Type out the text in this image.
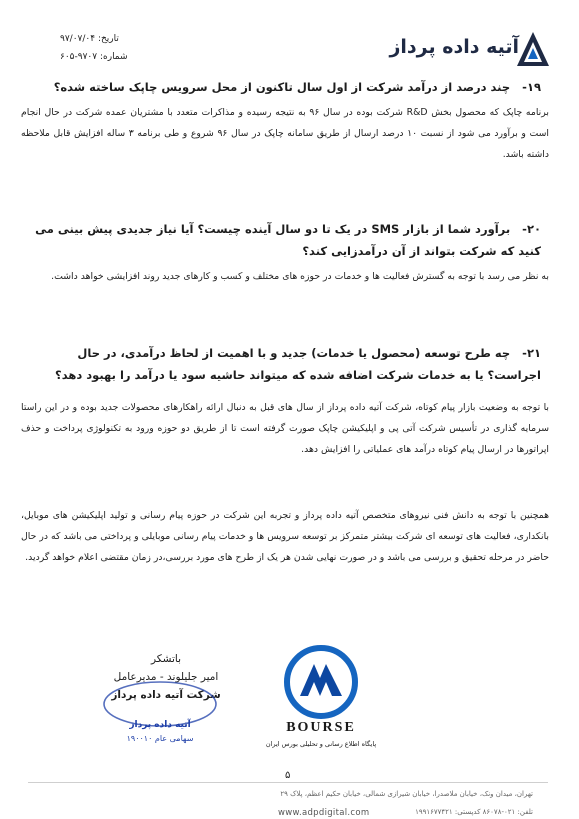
آتیه داده پرداز
تاریخ: ۹۷/۰۷/۰۴
شماره: ۹۷۰۷-۶۰۵
۱۹- چند درصد از درآمد شرکت از اول سال تاکنون از محل سرویس چاپک ساخته شده؟
برنامه چاپک که محصول بخش R&D شرکت بوده در سال ۹۶ به نتیجه رسیده و مذاکرات متعدد با مشتریان عمده شرکت در حال انجام است و برآورد می شود از نسبت ۱۰ درصد ارسال از طریق سامانه چاپک در سال ۹۶ شروع و طی برنامه ۳ ساله افزایش قابل ملاحظه داشته باشد.
۲۰- برآورد شما از بازار SMS در یک تا دو سال آینده چیست؟ آیا نیاز جدیدی پیش بینی می کنید که شرکت بتواند از آن درآمدزایی کند؟
به نظر می رسد با توجه به گسترش فعالیت ها و خدمات در حوزه های مختلف و کسب و کارهای جدید روند افزایشی خواهد داشت.
۲۱- چه طرح توسعه (محصول یا خدمات) جدید و با اهمیت از لحاظ درآمدی، در حال اجراست؟ یا به خدمات شرکت اضافه شده که میتواند حاشیه سود یا درآمد را بهبود دهد؟
با توجه به وضعیت بازار پیام کوتاه، شرکت آتیه داده پرداز از سال های قبل به دنبال ارائه راهکارهای محصولات جدید بوده و در این راستا سرمایه گذاری در تأسیس شرکت آتی پی و اپلیکیشن چاپک صورت گرفته است تا از طریق دو حوزه ورود به تکنولوژی پرداخت و حذف اپراتورها در ارسال پیام کوتاه درآمد های عملیاتی را افزایش دهد.
همچنین با توجه به دانش فنی نیروهای متخصص آتیه داده پرداز و تجربه این شرکت در حوزه پیام رسانی و تولید اپلیکیشن های موبایل، بانکداری، فعالیت های توسعه ای شرکت بیشتر متمرکز بر توسعه سرویس ها و خدمات پیام رسانی موبایلی و پرداختی می باشد که در حال حاضر در مرحله تحقیق و بررسی می باشد و در صورت نهایی شدن هر یک از طرح های مورد بررسی،در زمان مقتضی اعلام خواهد گردید.
باتشکر
امیر جلیلوند - مدیرعامل
شرکت آتیه داده پرداز
آتیه داده پرداز
سهامی عام ۱۹۰۰۱۰
BOURSE
پایگاه اطلاع رسانی و تحلیلی بورس ایران
۵
تهران، میدان ونک، خیابان ملاصدرا، خیابان شیرازی شمالی، خیابان حکیم اعظم، پلاک ۲۹
www.adpdigital.com	تلفن: ۰۲۱-۸۶۰۷۸ کدپستی: ۱۹۹۱۶۷۷۴۲۱
